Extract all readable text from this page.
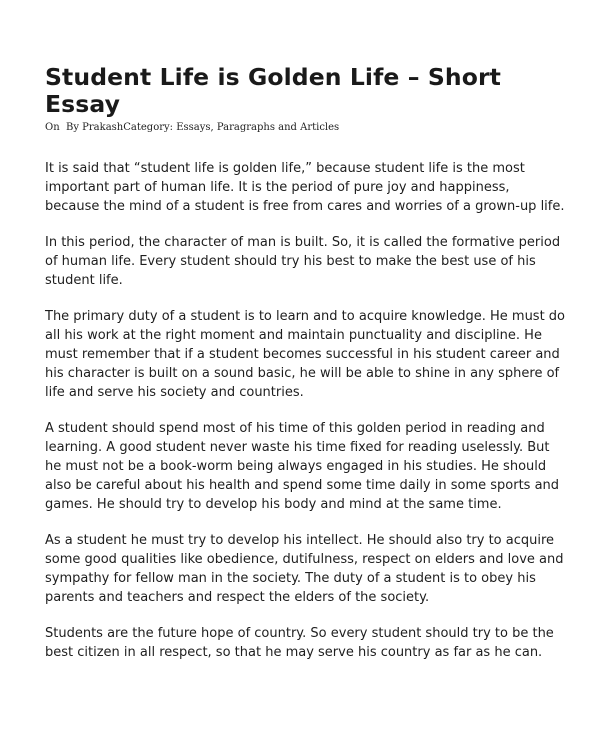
Student Life is Golden Life – Short
Essay
On By PrakashCategory: Essays, Paragraphs and Articles

It is said that “student life is golden life,” because student life is the most
important part of human life. It is the period of pure joy and happiness,
because the mind of a student is free from cares and worries of a grown-up life.

In this period, the character of man is built. So, it is called the formative period
of human life. Every student should try his best to make the best use of his
student life.

The primary duty of a student is to learn and to acquire knowledge. He must do
all his work at the right moment and maintain punctuality and discipline. He
must remember that if a student becomes successful in his student career and
his character is built on a sound basic, he will be able to shine in any sphere of
life and serve his society and countries.

A student should spend most of his time of this golden period in reading and
learning. A good student never waste his time fixed for reading uselessly. But
he must not be a book-worm being always engaged in his studies. He should
also be careful about his health and spend some time daily in some sports and
games. He should try to develop his body and mind at the same time.

As a student he must try to develop his intellect. He should also try to acquire
some good qualities like obedience, dutifulness, respect on elders and love and
sympathy for fellow man in the society. The duty of a student is to obey his
parents and teachers and respect the elders of the society.

Students are the future hope of country. So every student should try to be the
best citizen in all respect, so that he may serve his country as far as he can.
